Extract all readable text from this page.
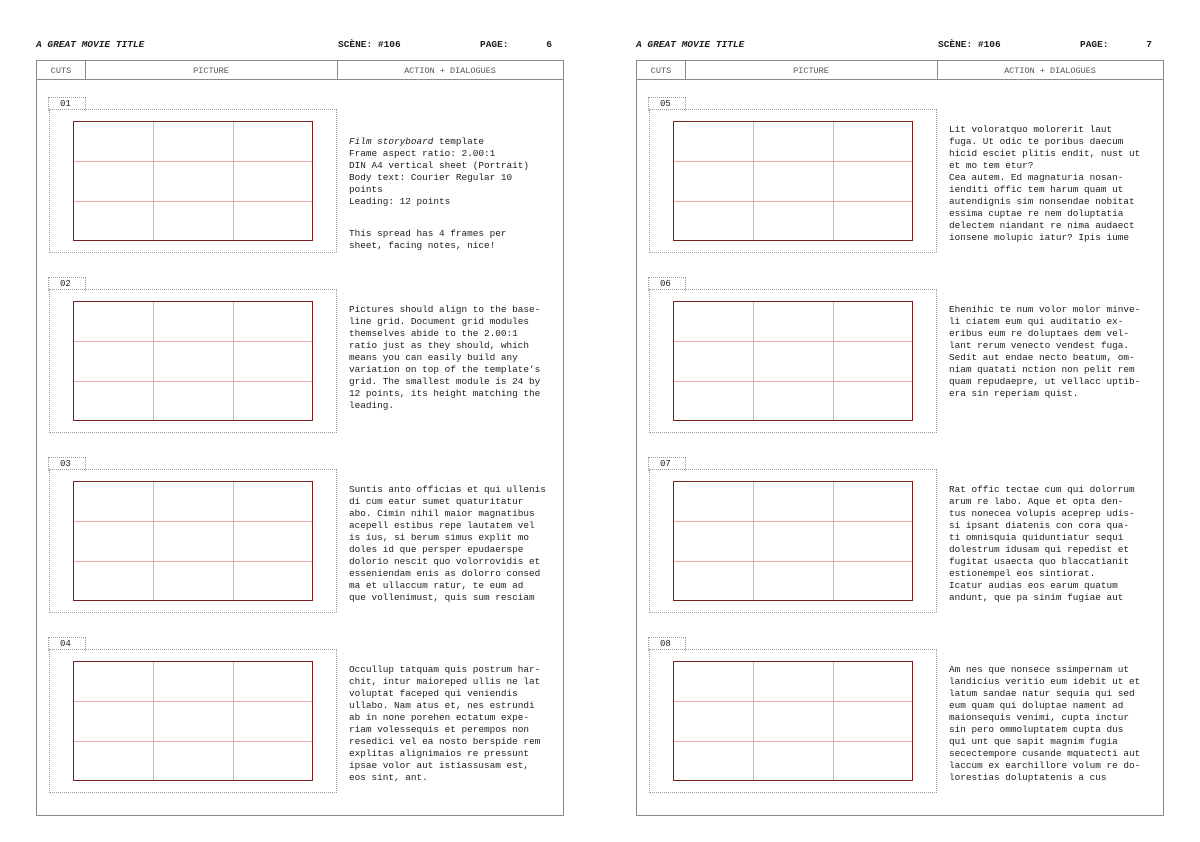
A GREAT MOVIE TITLE	SCÈNE: #106	PAGE:	6
CUTS	PICTURE	ACTION + DIALOGUES
01

Film storyboard template
Frame aspect ratio: 2.00:1
DIN A4 vertical sheet (Portrait)
Body text: Courier Regular 10
points
Leading: 12 points

This spread has 4 frames per
sheet, facing notes, nice!

02
Pictures should align to the base-
line grid. Document grid modules
themselves abide to the 2.00:1
ratio just as they should, which
means you can easily build any
variation on top of the template’s
grid. The smallest module is 24 by
12 points, its height matching the
leading.
03
Suntis anto officias et qui ullenis
di cum eatur sumet quaturitatur
abo. Cimin nihil maior magnatibus
acepell estibus repe lautatem vel
is ius, si berum simus explit mo
doles id que persper epudaerspe
dolorio nescit quo volorrovidis et
esseniendam enis as dolorro consed
ma et ullaccum ratur, te eum ad
que vollenimust, quis sum resciam
04
Occullup tatquam quis postrum har-
chit, intur maioreped ullis ne lat
voluptat faceped qui veniendis
ullabo. Nam atus et, nes estrundi
ab in none porehen ectatum expe-
riam volessequis et perempos non
resedici vel ea nosto berspide rem
explitas alignimaios re pressunt
ipsae volor aut istiassusam est,
eos sint, ant.
A GREAT MOVIE TITLE	SCÈNE: #106	PAGE:	7
CUTS	PICTURE	ACTION + DIALOGUES
05
Lit voloratquo molorerit laut
fuga. Ut odic te poribus daecum
hicid esciet plitis endit, nust ut
et mo tem etur?
Cea autem. Ed magnaturia nosan-
ienditi offic tem harum quam ut
autendignis sim nonsendae nobitat
essima cuptae re nem doluptatia
delectem niandant re nima audaect
ionsene molupic iatur? Ipis iume
06
Ehenihic te num volor molor minve-
li ciatem eum qui auditatio ex-
eribus eum re doluptaes dem vel-
lant rerum venecto vendest fuga.
Sedit aut endae necto beatum, om-
niam quatati nction non pelit rem
quam repudaepre, ut vellacc uptib-
era sin reperiam quist.
07
Rat offic tectae cum qui dolorrum
arum re labo. Aque et opta den-
tus nonecea volupis aceprep udis-
si ipsant diatenis con cora qua-
ti omnisquia quiduntiatur sequi
dolestrum idusam qui repedist et
fugitat usaecta quo blaccatianit
estionempel eos sintiorat.
Icatur audias eos earum quatum
andunt, que pa sinim fugiae aut
08
Am nes que nonsece ssimpernam ut
landicius veritio eum idebit ut et
latum sandae natur sequia qui sed
eum quam qui doluptae nament ad
maionsequis venimi, cupta inctur
sin pero ommoluptatem cupta dus
qui unt que sapit magnim fugia
secectempore cusande mquatecti aut
laccum ex earchillore volum re do-
lorestias doluptatenis a cus
